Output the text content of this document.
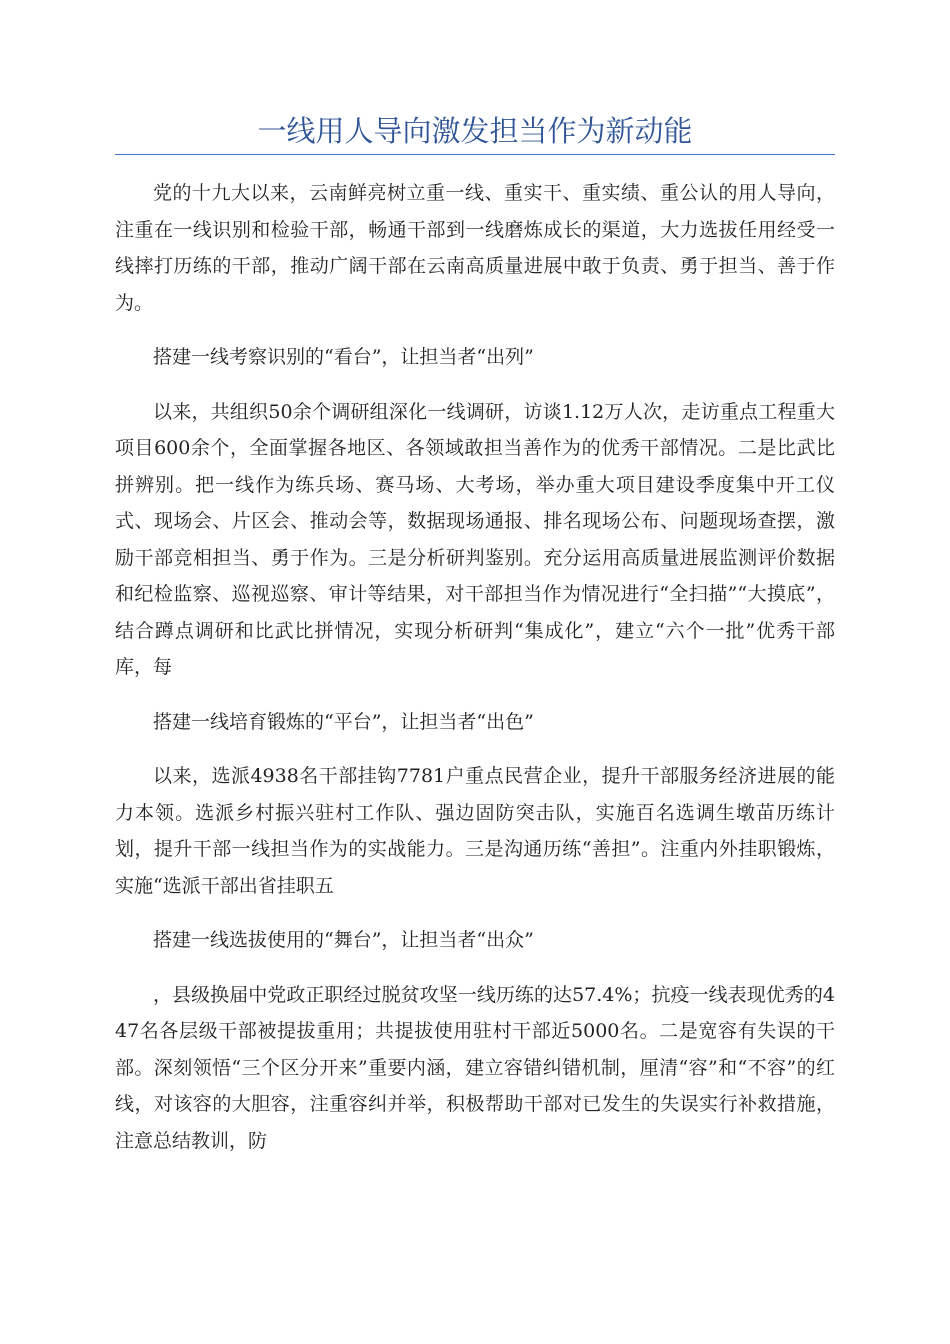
一线用人导向激发担当作为新动能

党的十九大以来，云南鲜亮树立重一线、重实干、重实绩、重公认的用人导向，注重在一线识别和检验干部，畅通干部到一线磨炼成长的渠道，大力选拔任用经受一线摔打历练的干部，推动广阔干部在云南高质量进展中敢于负责、勇于担当、善于作为。

搭建一线考察识别的“看台”，让担当者“出列”

以来，共组织50余个调研组深化一线调研，访谈1.12万人次，走访重点工程重大项目600余个，全面掌握各地区、各领域敢担当善作为的优秀干部情况。二是比武比拼辨别。把一线作为练兵场、赛马场、大考场，举办重大项目建设季度集中开工仪式、现场会、片区会、推动会等，数据现场通报、排名现场公布、问题现场查摆，激励干部竞相担当、勇于作为。三是分析研判鉴别。充分运用高质量进展监测评价数据和纪检监察、巡视巡察、审计等结果，对干部担当作为情况进行“全扫描”“大摸底”，结合蹲点调研和比武比拼情况，实现分析研判“集成化”，建立“六个一批”优秀干部库，每

搭建一线培育锻炼的“平台”，让担当者“出色”

以来，选派4938名干部挂钩7781户重点民营企业，提升干部服务经济进展的能力本领。选派乡村振兴驻村工作队、强边固防突击队，实施百名选调生墩苗历练计划，提升干部一线担当作为的实战能力。三是沟通历练“善担”。注重内外挂职锻炼，实施“选派干部出省挂职五

搭建一线选拔使用的“舞台”，让担当者“出众”

，县级换届中党政正职经过脱贫攻坚一线历练的达57.4%；抗疫一线表现优秀的447名各层级干部被提拔重用；共提拔使用驻村干部近5000名。二是宽容有失误的干部。深刻领悟“三个区分开来”重要内涵，建立容错纠错机制，厘清“容”和“不容”的红线，对该容的大胆容，注重容纠并举，积极帮助干部对已发生的失误实行补救措施，注意总结教训，防
